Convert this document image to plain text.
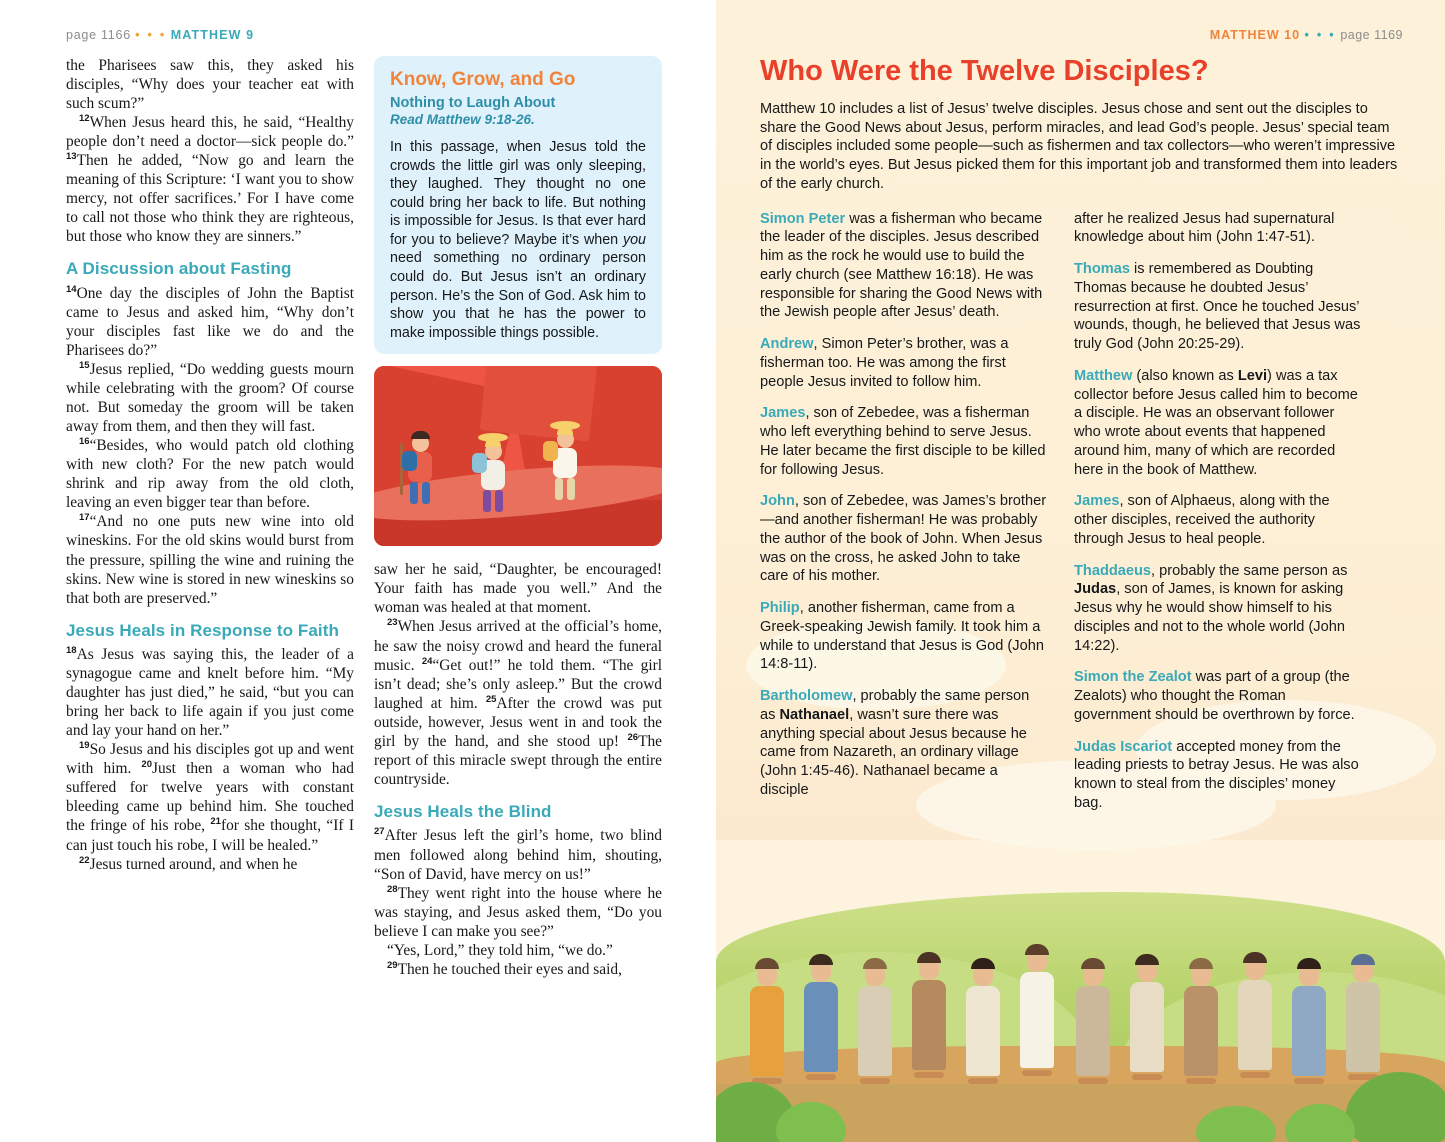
page 1166 • • • MATTHEW 9

the Pharisees saw this, they asked his disciples, “Why does your teacher eat with such scum?”

$^{12}$When Jesus heard this, he said, “Healthy people don’t need a doctor—sick people do.” $^{13}$Then he added, “Now go and learn the meaning of this Scripture: ‘I want you to show mercy, not offer sacrifices.’ For I have come to call not those who think they are righteous, but those who know they are sinners.”

A Discussion about Fasting

$^{14}$One day the disciples of John the Baptist came to Jesus and asked him, “Why don’t your disciples fast like we do and the Pharisees do?”

$^{15}$Jesus replied, “Do wedding guests mourn while celebrating with the groom? Of course not. But someday the groom will be taken away from them, and then they will fast.

$^{16}$“Besides, who would patch old clothing with new cloth? For the new patch would shrink and rip away from the old cloth, leaving an even bigger tear than before.

$^{17}$“And no one puts new wine into old wineskins. For the old skins would burst from the pressure, spilling the wine and ruining the skins. New wine is stored in new wineskins so that both are preserved.”

Jesus Heals in Response to Faith

$^{18}$As Jesus was saying this, the leader of a synagogue came and knelt before him. “My daughter has just died,” he said, “but you can bring her back to life again if you just come and lay your hand on her.”

$^{19}$So Jesus and his disciples got up and went with him. $^{20}$Just then a woman who had suffered for twelve years with constant bleeding came up behind him. She touched the fringe of his robe, $^{21}$for she thought, “If I can just touch his robe, I will be healed.”

$^{22}$Jesus turned around, and when he

Know, Grow, and Go

Nothing to Laugh About

Read Matthew 9:18-26.

In this passage, when Jesus told the crowds the little girl was only sleeping, they laughed. They thought no one could bring her back to life. But nothing is impossible for Jesus. Is that ever hard for you to believe? Maybe it’s when you need something no ordinary person could do. But Jesus isn’t an ordinary person. He’s the Son of God. Ask him to show you that he has the power to make impossible things possible.

saw her he said, “Daughter, be encouraged! Your faith has made you well.” And the woman was healed at that moment.

$^{23}$When Jesus arrived at the official’s home, he saw the noisy crowd and heard the funeral music. $^{24}$“Get out!” he told them. “The girl isn’t dead; she’s only asleep.” But the crowd laughed at him. $^{25}$After the crowd was put outside, however, Jesus went in and took the girl by the hand, and she stood up! $^{26}$The report of this miracle swept through the entire countryside.

Jesus Heals the Blind

$^{27}$After Jesus left the girl’s home, two blind men followed along behind him, shouting, “Son of David, have mercy on us!”

$^{28}$They went right into the house where he was staying, and Jesus asked them, “Do you believe I can make you see?”

“Yes, Lord,” they told him, “we do.”

$^{29}$Then he touched their eyes and said,

MATTHEW 10 • • • page 1169
Who Were the Twelve Disciples?

Matthew 10 includes a list of Jesus’ twelve disciples. Jesus chose and sent out the disciples to share the Good News about Jesus, perform miracles, and lead God’s people. Jesus’ special team of disciples included some people—such as fishermen and tax collectors—who weren’t impressive in the world’s eyes. But Jesus picked them for this important job and transformed them into leaders of the early church.

Simon Peter was a fisherman who became the leader of the disciples. Jesus described him as the rock he would use to build the early church (see Matthew 16:18). He was responsible for sharing the Good News with the Jewish people after Jesus’ death.

Andrew, Simon Peter’s brother, was a fisherman too. He was among the first people Jesus invited to follow him.

James, son of Zebedee, was a fisherman who left everything behind to serve Jesus. He later became the first disciple to be killed for following Jesus.

John, son of Zebedee, was James’s brother—and another fisherman! He was probably the author of the book of John. When Jesus was on the cross, he asked John to take care of his mother.

Philip, another fisherman, came from a Greek-speaking Jewish family. It took him a while to understand that Jesus is God (John 14:8-11).

Bartholomew, probably the same person as Nathanael, wasn’t sure there was anything special about Jesus because he came from Nazareth, an ordinary village (John 1:45-46). Nathanael became a disciple

after he realized Jesus had supernatural knowledge about him (John 1:47-51).

Thomas is remembered as Doubting Thomas because he doubted Jesus’ resurrection at first. Once he touched Jesus’ wounds, though, he believed that Jesus was truly God (John 20:25-29).

Matthew (also known as Levi) was a tax collector before Jesus called him to become a disciple. He was an observant follower who wrote about events that happened around him, many of which are recorded here in the book of Matthew.

James, son of Alphaeus, along with the other disciples, received the authority through Jesus to heal people.

Thaddaeus, probably the same person as Judas, son of James, is known for asking Jesus why he would show himself to his disciples and not to the whole world (John 14:22).

Simon the Zealot was part of a group (the Zealots) who thought the Roman government should be overthrown by force.

Judas Iscariot accepted money from the leading priests to betray Jesus. He was also known to steal from the disciples’ money bag.
